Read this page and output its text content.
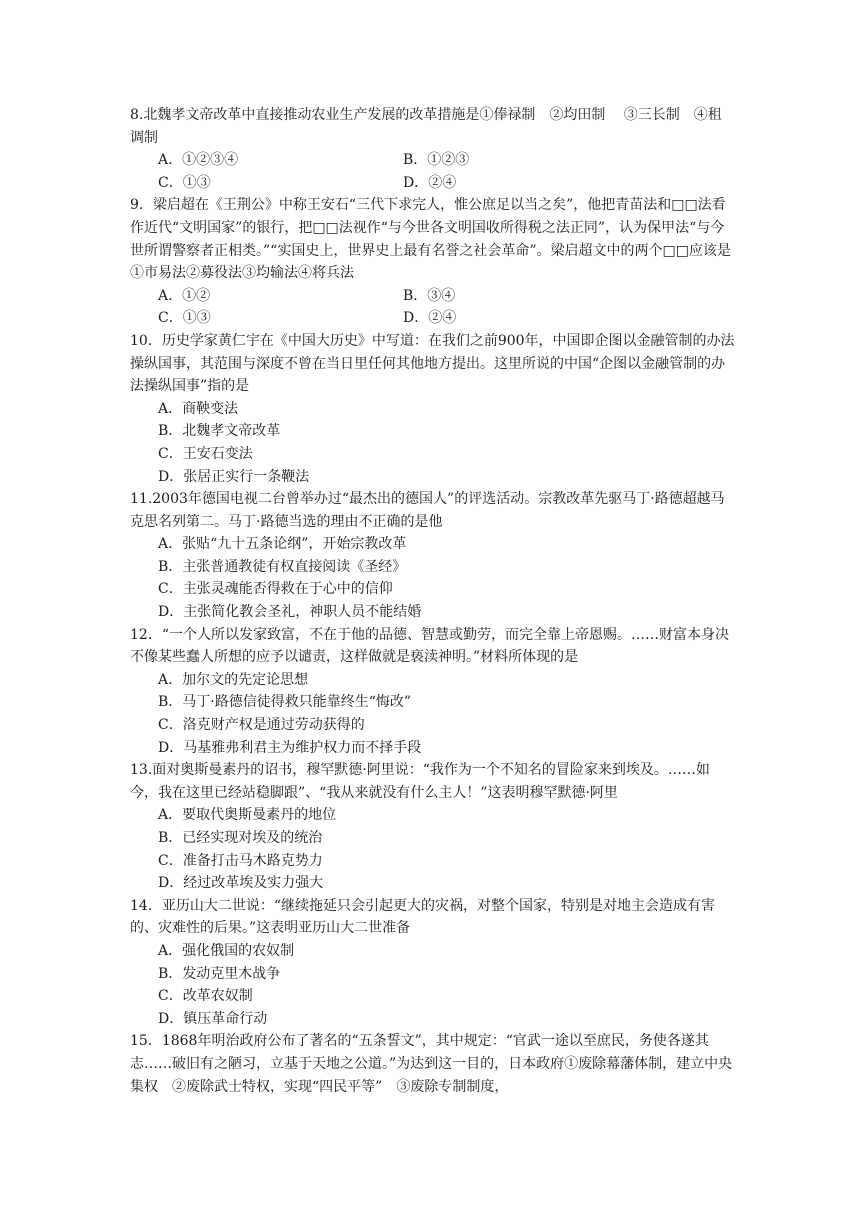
8.北魏孝文帝改革中直接推动农业生产发展的改革措施是①俸禄制　②均田制　 ③三长制　④租调制

A．①②③④	B．①②③
C．①③	D．②④

9．梁启超在《王荆公》中称王安石“三代下求完人，惟公庶足以当之矣”，他把青苗法和□□法看作近代“文明国家”的银行，把□□法视作“与今世各文明国收所得税之法正同”，认为保甲法“与今世所谓警察者正相类。”“实国史上，世界史上最有名誉之社会革命”。梁启超文中的两个□□应该是①市易法②募役法③均输法④将兵法

A．①②	B．③④
C．①③	D．②④

10．历史学家黄仁宇在《中国大历史》中写道：在我们之前900年，中国即企图以金融管制的办法操纵国事，其范围与深度不曾在当日里任何其他地方提出。这里所说的中国“企图以金融管制的办法操纵国事”指的是

A．商鞅变法
B．北魏孝文帝改革
C．王安石变法
D．张居正实行一条鞭法

11.2003年德国电视二台曾举办过“最杰出的德国人”的评选活动。宗教改革先驱马丁·路德超越马克思名列第二。马丁·路德当选的理由不正确的是他

A．张贴“九十五条论纲”，开始宗教改革
B．主张普通教徒有权直接阅读《圣经》
C．主张灵魂能否得救在于心中的信仰
D．主张简化教会圣礼，神职人员不能结婚

12．“一个人所以发家致富，不在于他的品德、智慧或勤劳，而完全靠上帝恩赐。……财富本身决不像某些蠢人所想的应予以谴责，这样做就是亵渎神明。”材料所体现的是

A．加尔文的先定论思想
B．马丁·路德信徒得救只能靠终生“悔改”
C．洛克财产权是通过劳动获得的
D．马基雅弗利君主为维护权力而不择手段

13.面对奥斯曼素丹的诏书，穆罕默德·阿里说：“我作为一个不知名的冒险家来到埃及。……如今，我在这里已经站稳脚跟”、“我从来就没有什么主人！”这表明穆罕默德·阿里

A．要取代奥斯曼素丹的地位
B．已经实现对埃及的统治
C．准备打击马木路克势力
D．经过改革埃及实力强大

14．亚历山大二世说：“继续拖延只会引起更大的灾祸，对整个国家，特别是对地主会造成有害的、灾难性的后果。”这表明亚历山大二世准备

A．强化俄国的农奴制
B．发动克里木战争
C．改革农奴制
D．镇压革命行动

15．1868年明治政府公布了著名的“五条誓文”，其中规定：“官武一途以至庶民，务使各遂其志……破旧有之陋习，立基于天地之公道。”为达到这一目的，日本政府①废除幕藩体制，建立中央集权　②废除武士特权，实现“四民平等”　③废除专制制度，
